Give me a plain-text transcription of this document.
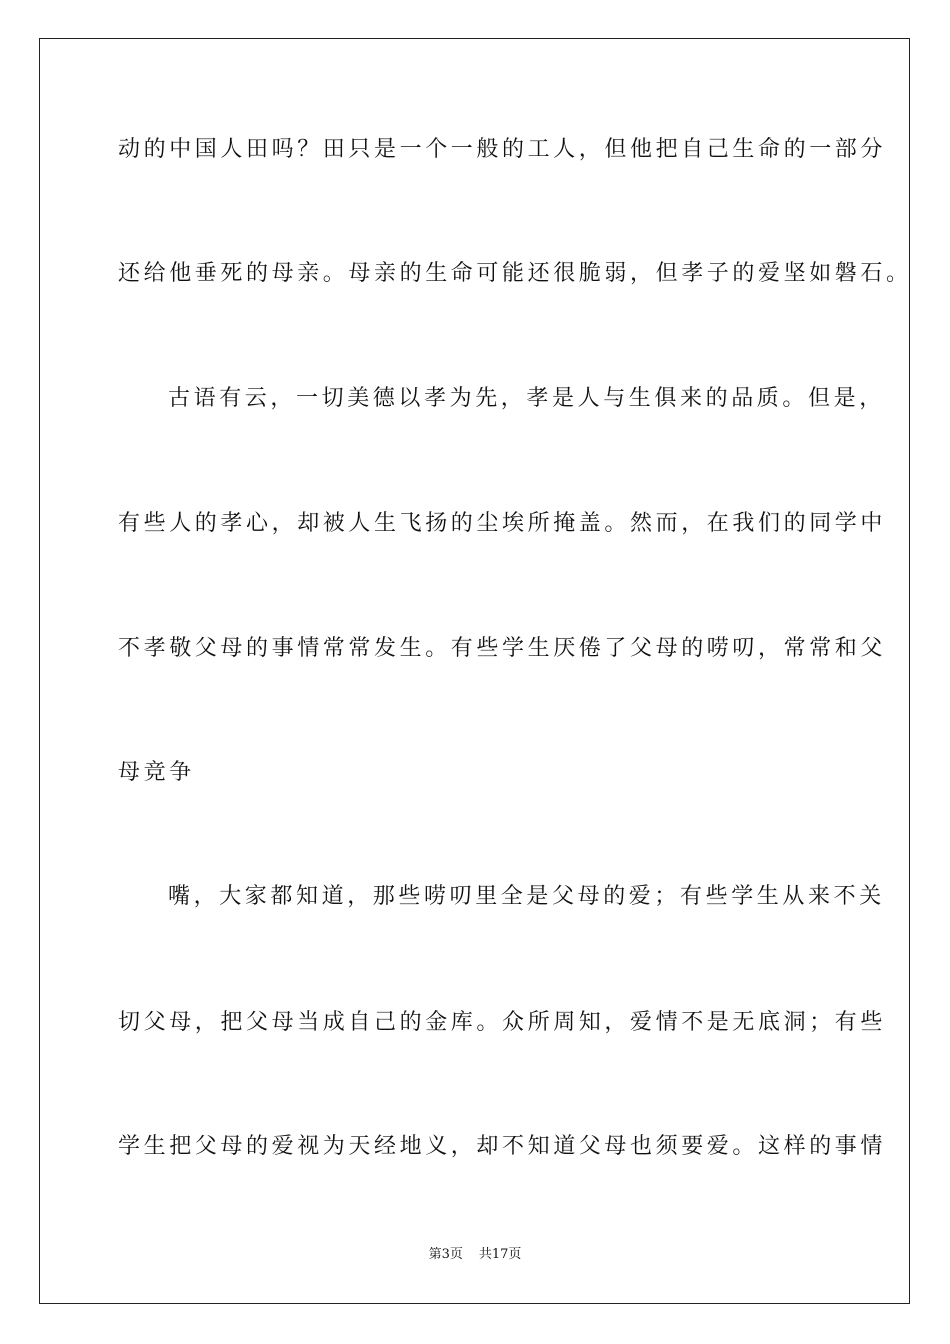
动的中国人田吗？田只是一个一般的工人，但他把自己生命的一部分
还给他垂死的母亲。母亲的生命可能还很脆弱，但孝子的爱坚如磐石。
古语有云，一切美德以孝为先，孝是人与生俱来的品质。但是，
有些人的孝心，却被人生飞扬的尘埃所掩盖。然而，在我们的同学中
不孝敬父母的事情常常发生。有些学生厌倦了父母的唠叨，常常和父
母竞争
嘴，大家都知道，那些唠叨里全是父母的爱；有些学生从来不关
切父母，把父母当成自己的金库。众所周知，爱情不是无底洞；有些
学生把父母的爱视为天经地义，却不知道父母也须要爱。这样的事情
第3页 共17页
